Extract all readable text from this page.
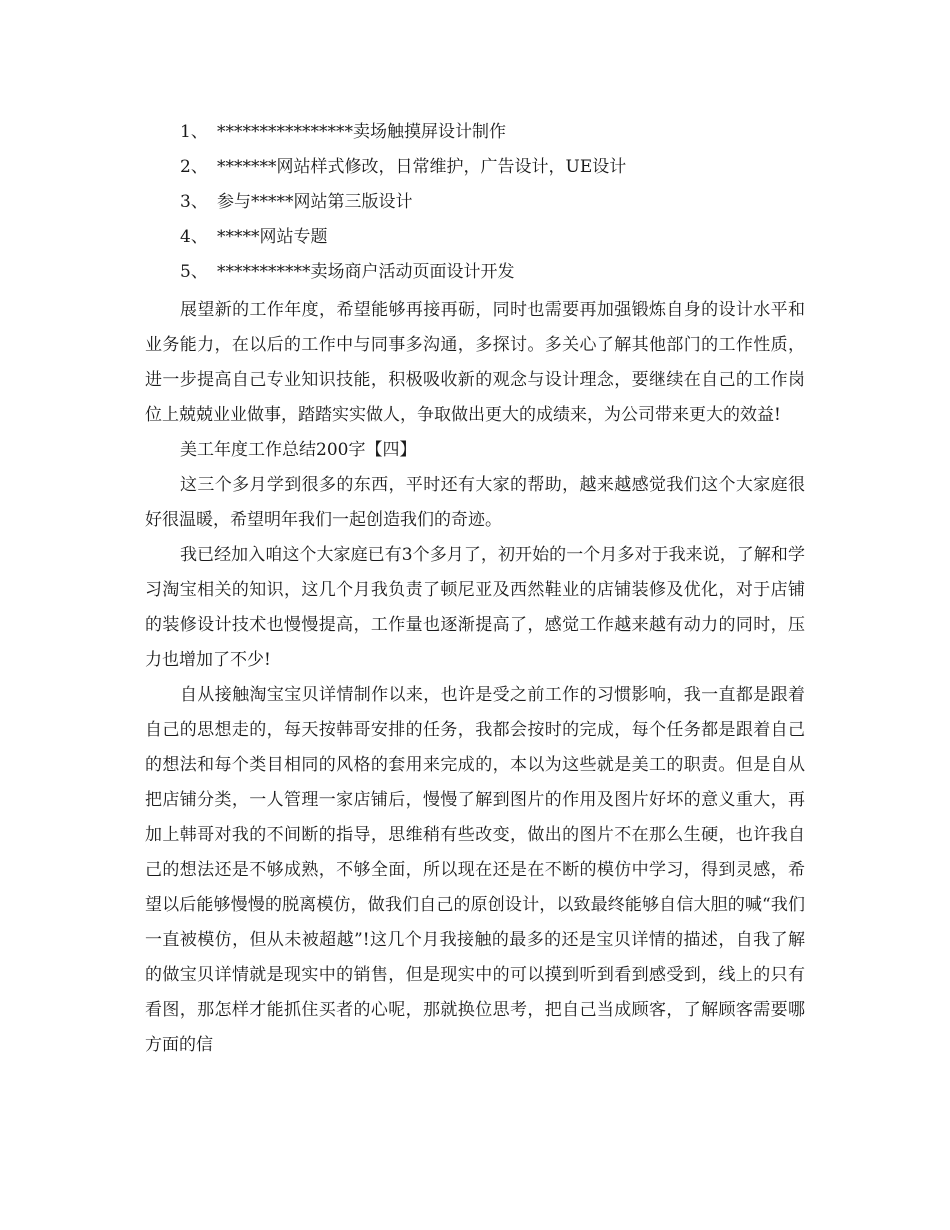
1、 ****************卖场触摸屏设计制作
2、 *******网站样式修改，日常维护，广告设计，UE设计
3、 参与*****网站第三版设计
4、 *****网站专题
5、 ***********卖场商户活动页面设计开发

展望新的工作年度，希望能够再接再砺，同时也需要再加强锻炼自身的设计水平和业务能力，在以后的工作中与同事多沟通，多探讨。多关心了解其他部门的工作性质，进一步提高自己专业知识技能，积极吸收新的观念与设计理念，要继续在自己的工作岗位上兢兢业业做事，踏踏实实做人，争取做出更大的成绩来，为公司带来更大的效益!

美工年度工作总结200字【四】

这三个多月学到很多的东西，平时还有大家的帮助，越来越感觉我们这个大家庭很好很温暖，希望明年我们一起创造我们的奇迹。

我已经加入咱这个大家庭已有3个多月了，初开始的一个月多对于我来说，了解和学习淘宝相关的知识，这几个月我负责了顿尼亚及西然鞋业的店铺装修及优化，对于店铺的装修设计技术也慢慢提高，工作量也逐渐提高了，感觉工作越来越有动力的同时，压力也增加了不少!

自从接触淘宝宝贝详情制作以来，也许是受之前工作的习惯影响，我一直都是跟着自己的思想走的，每天按韩哥安排的任务，我都会按时的完成，每个任务都是跟着自己的想法和每个类目相同的风格的套用来完成的，本以为这些就是美工的职责。但是自从把店铺分类，一人管理一家店铺后，慢慢了解到图片的作用及图片好坏的意义重大，再加上韩哥对我的不间断的指导，思维稍有些改变，做出的图片不在那么生硬，也许我自己的想法还是不够成熟，不够全面，所以现在还是在不断的模仿中学习，得到灵感，希望以后能够慢慢的脱离模仿，做我们自己的原创设计，以致最终能够自信大胆的喊“我们一直被模仿，但从未被超越”!这几个月我接触的最多的还是宝贝详情的描述，自我了解的做宝贝详情就是现实中的销售，但是现实中的可以摸到听到看到感受到，线上的只有看图，那怎样才能抓住买者的心呢，那就换位思考，把自己当成顾客，了解顾客需要哪方面的信
